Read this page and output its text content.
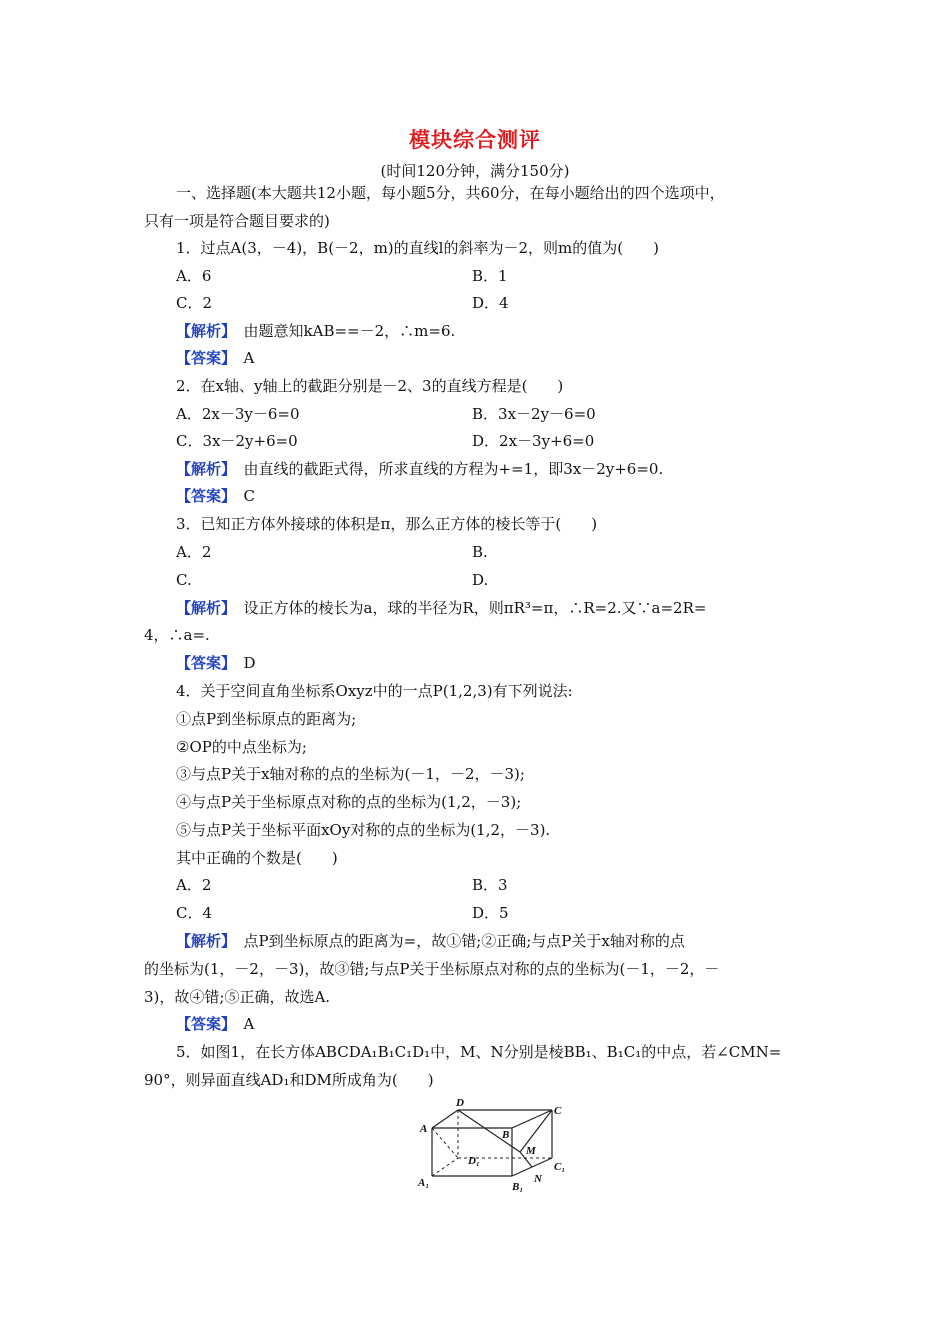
模块综合测评
(时间120分钟，满分150分)
一、选择题(本大题共12小题，每小题5分，共60分，在每小题给出的四个选项中，
只有一项是符合题目要求的)
1．过点A(3，－4)，B(－2，m)的直线l的斜率为－2，则m的值为(　　)
A．6	B．1
C．2	D．4
【解析】　 由题意知kAB==－2，∴m=6.
【答案】　 A
2．在x轴、y轴上的截距分别是－2、3的直线方程是(　　)
A．2x－3y－6=0	B．3x－2y－6=0
C．3x－2y+6=0	D．2x－3y+6=0
【解析】　 由直线的截距式得，所求直线的方程为+=1，即3x－2y+6=0.
【答案】　 C
3．已知正方体外接球的体积是π，那么正方体的棱长等于(　　)
A．2	B.
C.	D.
【解析】　 设正方体的棱长为a，球的半径为R，则πR³=π，∴R=2.又∵a=2R=
4，∴a=.
【答案】　 D
4．关于空间直角坐标系Oxyz中的一点P(1,2,3)有下列说法:
①点P到坐标原点的距离为;
②OP的中点坐标为;
③与点P关于x轴对称的点的坐标为(－1，－2，－3);
④与点P关于坐标原点对称的点的坐标为(1,2，－3);
⑤与点P关于坐标平面xOy对称的点的坐标为(1,2，－3).
其中正确的个数是(　　)
A．2	B．3
C．4	D．5
【解析】　 点P到坐标原点的距离为=，故①错;②正确;与点P关于x轴对称的点
的坐标为(1，－2，－3)，故③错;与点P关于坐标原点对称的点的坐标为(－1，－2，－
3)，故④错;⑤正确，故选A.
【答案】　 A
5．如图1，在长方体ABCDA₁B₁C₁D₁中，M、N分别是棱BB₁、B₁C₁的中点，若∠CMN=
90°，则异面直线AD₁和DM所成角为(　　)
A
D
C
B
M
D₁	C₁
N
A₁	B₁
